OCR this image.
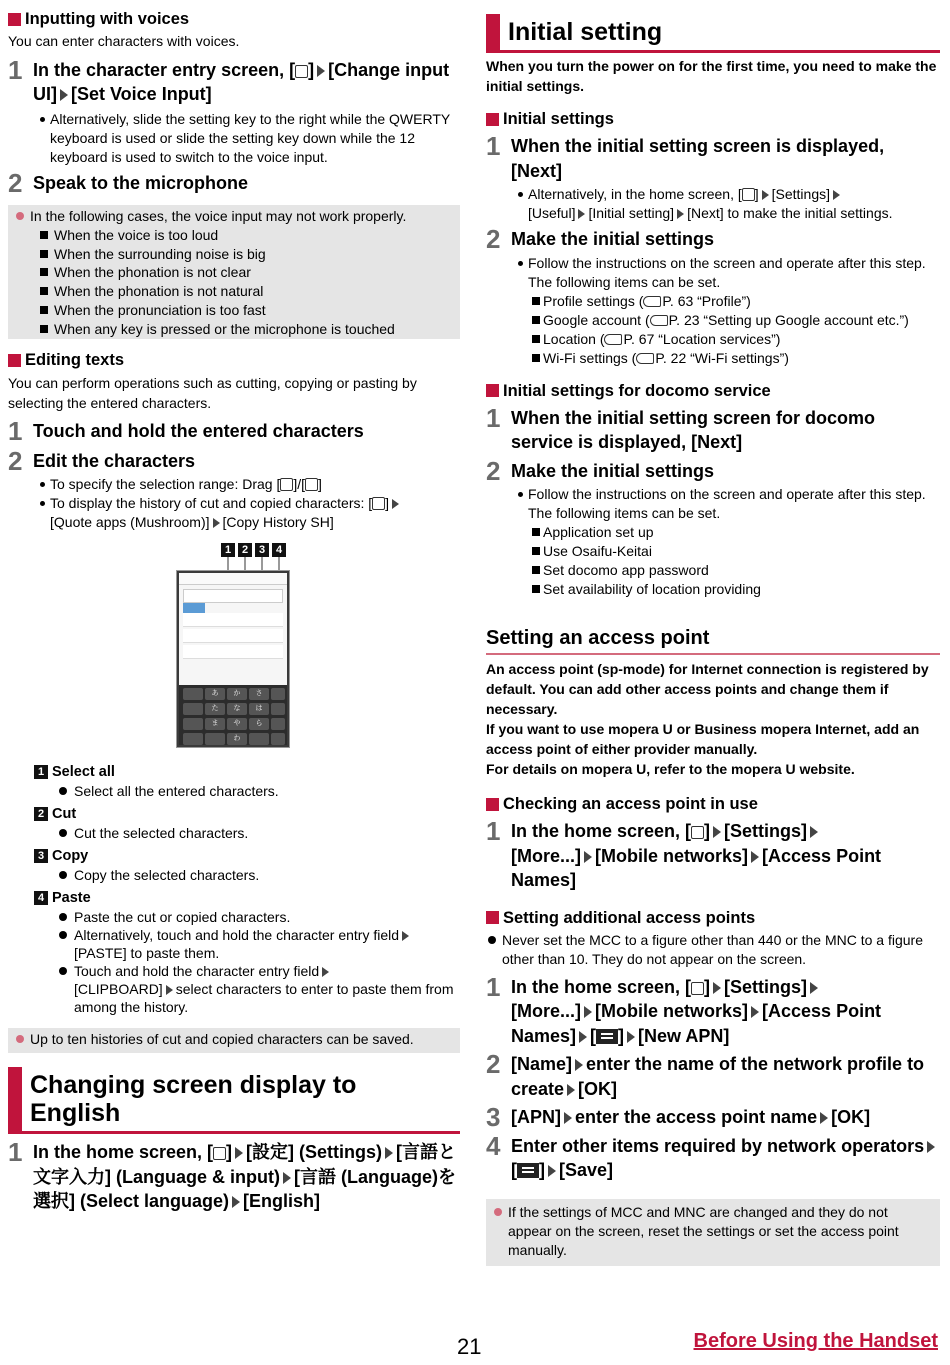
Inputting with voices
You can enter characters with voices.
1 In the character entry screen, [ ] [Change input UI] [Set Voice Input]
Alternatively, slide the setting key to the right while the QWERTY keyboard is used or slide the setting key down while the 12 keyboard is used to switch to the voice input.
2 Speak to the microphone
In the following cases, the voice input may not work properly.
When the voice is too loud
When the surrounding noise is big
When the phonation is not clear
When the phonation is not natural
When the pronunciation is too fast
When any key is pressed or the microphone is touched
Editing texts
You can perform operations such as cutting, copying or pasting by selecting the entered characters.
1 Touch and hold the entered characters
2 Edit the characters
To specify the selection range: Drag [ ]/[ ]
To display the history of cut and copied characters: [ ]
[Quote apps (Mushroom)] [Copy History SH]
1 Select all
Select all the entered characters.
2 Cut
Cut the selected characters.
3 Copy
Copy the selected characters.
4 Paste
Paste the cut or copied characters.
Alternatively, touch and hold the character entry field
[PASTE] to paste them.
Touch and hold the character entry field
[CLIPBOARD] select characters to enter to paste them from among the history.
Up to ten histories of cut and copied characters can be saved.
Changing screen display to English
1 In the home screen, [ ] [設定] (Settings) [言語と文字入力] (Language & input) [言語 (Language)を選択] (Select language) [English]
1 2 3 4
あ	か	さ
た	な	は
ま	や	ら
わ
Initial setting
When you turn the power on for the first time, you need to make the initial settings.
Initial settings
1 When the initial setting screen is displayed, [Next]
Alternatively, in the home screen, [ ] [Settings]
[Useful] [Initial setting] [Next] to make the initial settings.
2 Make the initial settings
Follow the instructions on the screen and operate after this step. The following items can be set.
Profile settings ( P. 63 “Profile”)
Google account ( P. 23 “Setting up Google account etc.”)
Location ( P. 67 “Location services”)
Wi-Fi settings ( P. 22 “Wi-Fi settings”)
Initial settings for docomo service
1 When the initial setting screen for docomo service is displayed, [Next]
2 Make the initial settings
Follow the instructions on the screen and operate after this step. The following items can be set.
Application set up
Use Osaifu-Keitai
Set docomo app password
Set availability of location providing
Setting an access point
An access point (sp-mode) for Internet connection is registered by default. You can add other access points and change them if necessary.
If you want to use mopera U or Business mopera Internet, add an access point of either provider manually.
For details on mopera U, refer to the mopera U website.
Checking an access point in use
1 In the home screen, [ ] [Settings]
[More...] [Mobile networks] [Access Point Names]
Setting additional access points
Never set the MCC to a figure other than 440 or the MNC to a figure other than 10. They do not appear on the screen.
1 In the home screen, [ ] [Settings]
[More...] [Mobile networks] [Access Point Names] [ ] [New APN]
2 [Name] enter the name of the network profile to create [OK]
3 [APN] enter the access point name [OK]
4 Enter other items required by network operators[ ] [Save]
If the settings of MCC and MNC are changed and they do not appear on the screen, reset the settings or set the access point manually.
21	Before Using the Handset
